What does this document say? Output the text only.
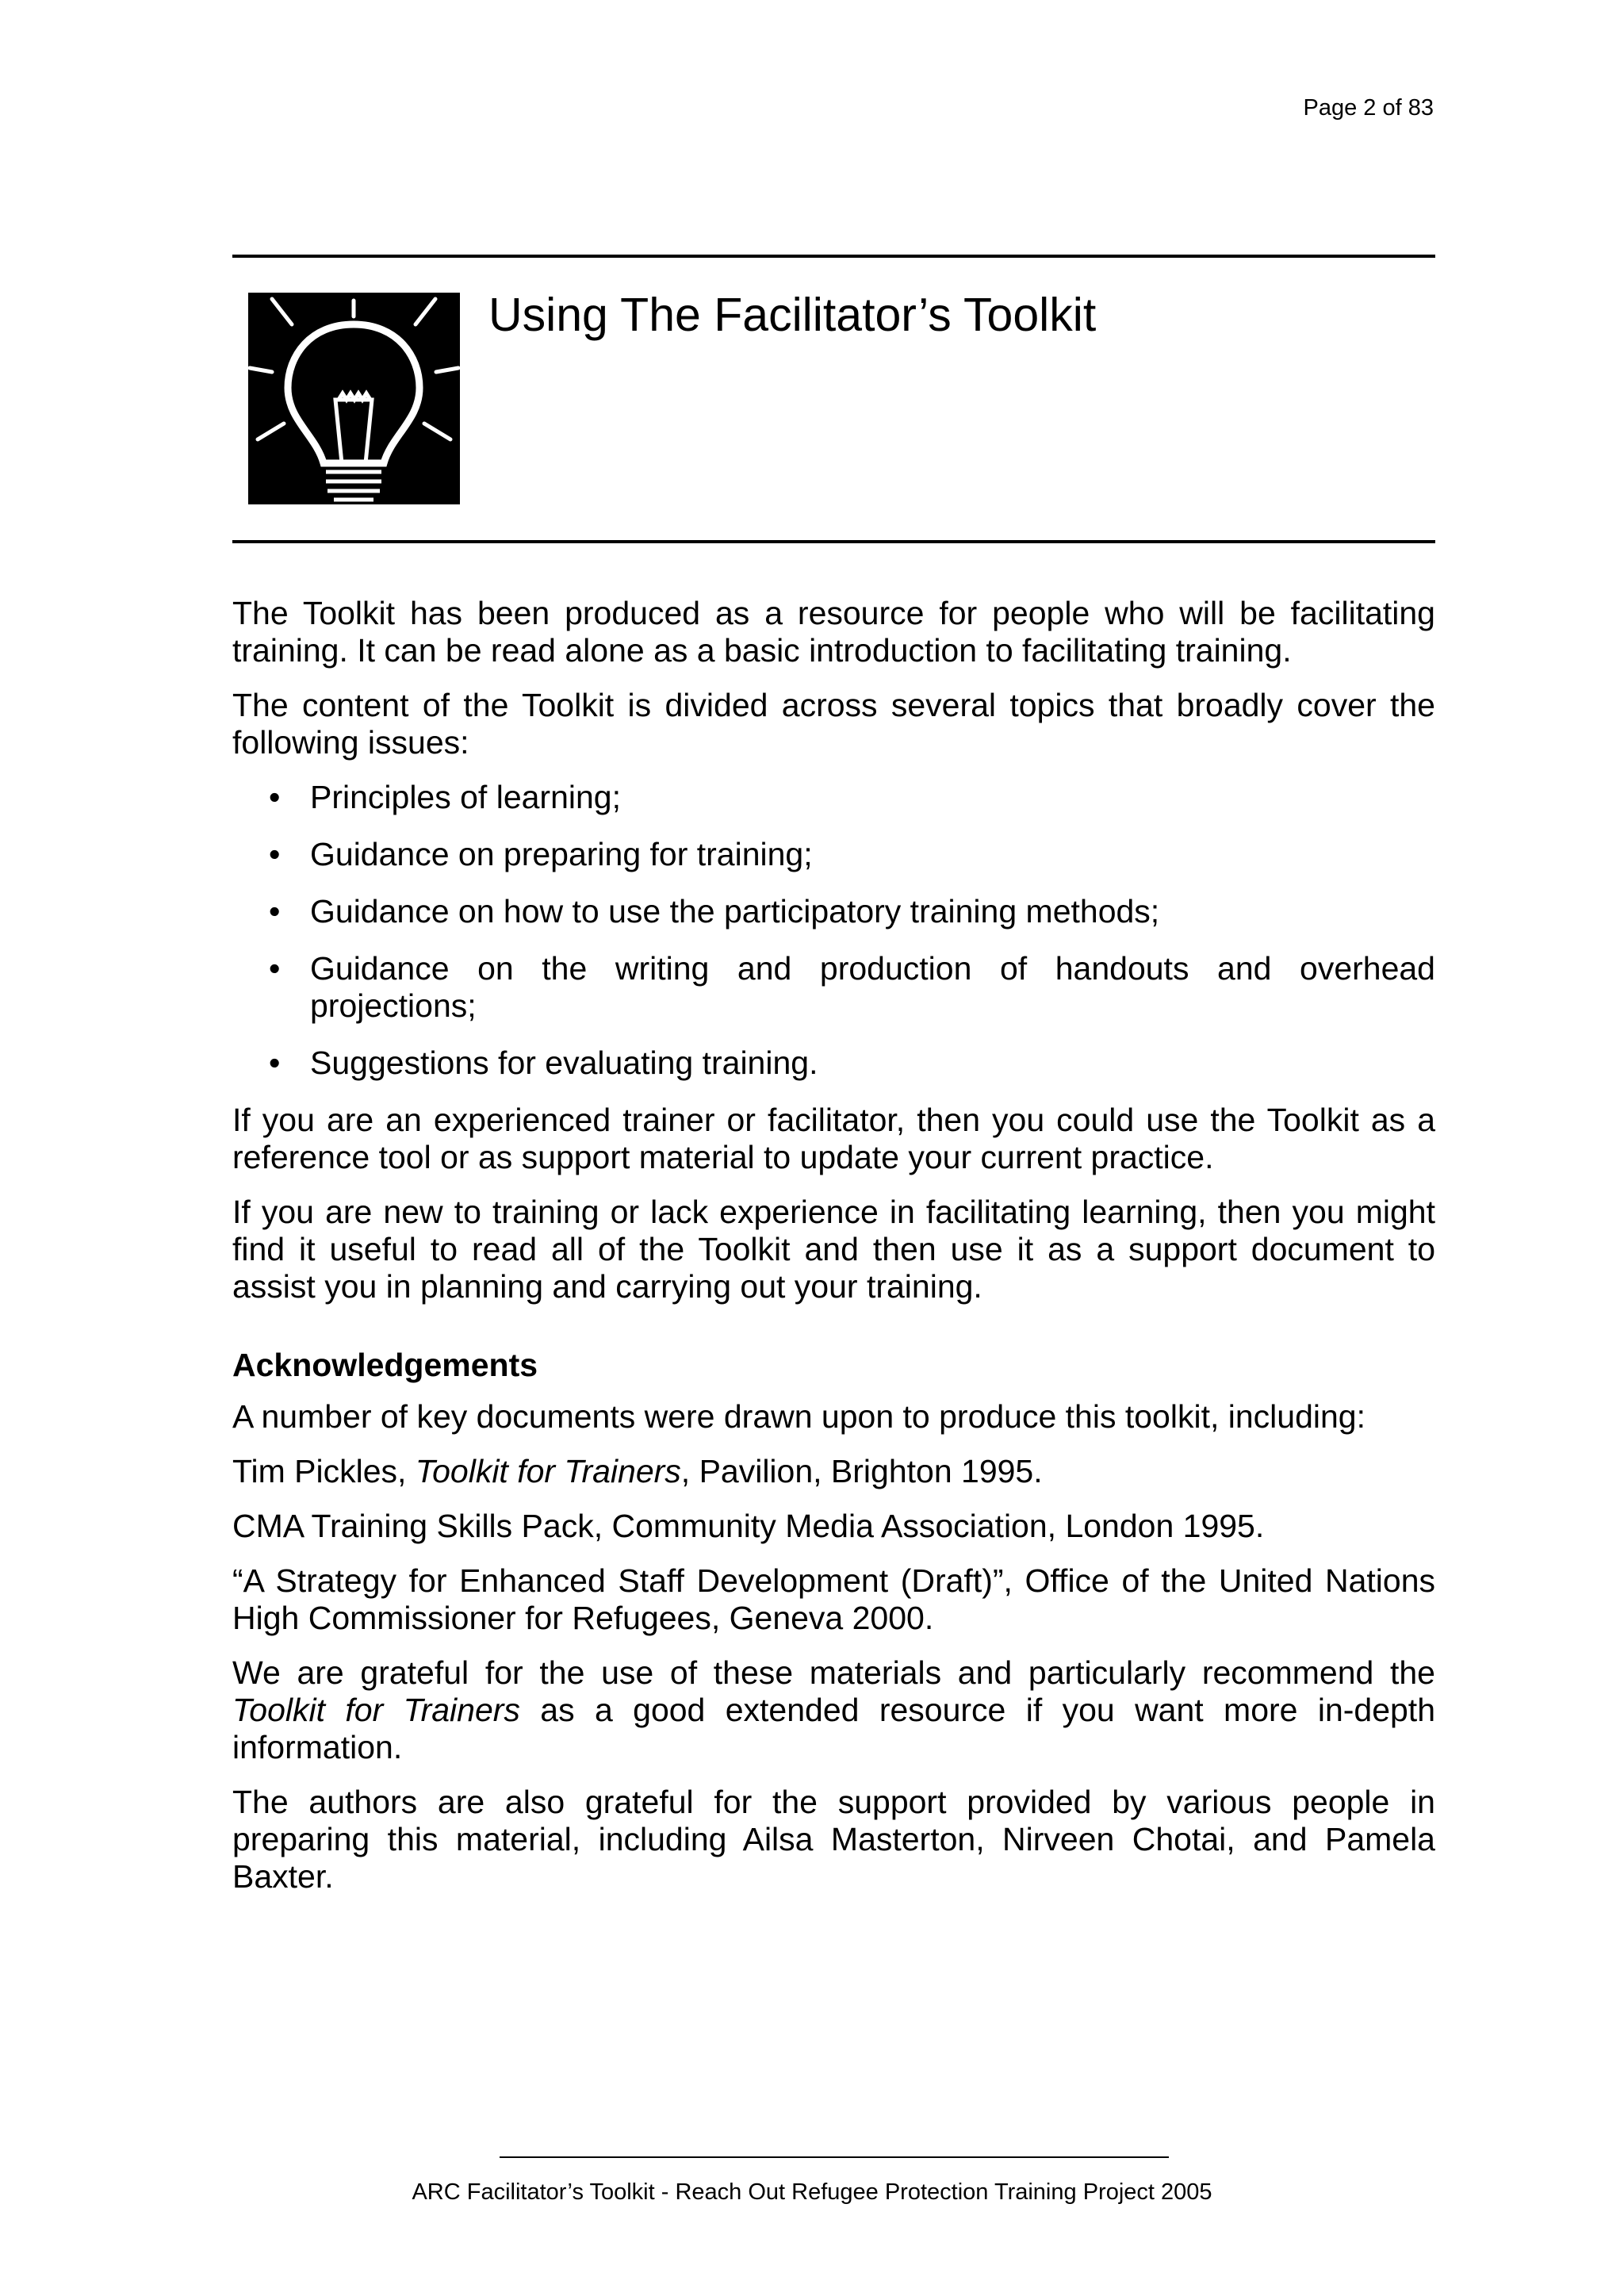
Page 2 of 83
Using The Facilitator’s Toolkit

The Toolkit has been produced as a resource for people who will be facilitating training. It can be read alone as a basic introduction to facilitating training.

The content of the Toolkit is divided across several topics that broadly cover the following issues:

• Principles of learning;
• Guidance on preparing for training;
• Guidance on how to use the participatory training methods;
• Guidance on the writing and production of handouts and overhead projections;
• Suggestions for evaluating training.

If you are an experienced trainer or facilitator, then you could use the Toolkit as a reference tool or as support material to update your current practice.

If you are new to training or lack experience in facilitating learning, then you might find it useful to read all of the Toolkit and then use it as a support document to assist you in planning and carrying out your training.

Acknowledgements

A number of key documents were drawn upon to produce this toolkit, including:

Tim Pickles, Toolkit for Trainers, Pavilion, Brighton 1995.

CMA Training Skills Pack, Community Media Association, London 1995.

“A Strategy for Enhanced Staff Development (Draft)”, Office of the United Nations High Commissioner for Refugees, Geneva 2000.

We are grateful for the use of these materials and particularly recommend the Toolkit for Trainers as a good extended resource if you want more in-depth information.

The authors are also grateful for the support provided by various people in preparing this material, including Ailsa Masterton, Nirveen Chotai, and Pamela Baxter.

ARC Facilitator’s Toolkit - Reach Out Refugee Protection Training Project 2005
